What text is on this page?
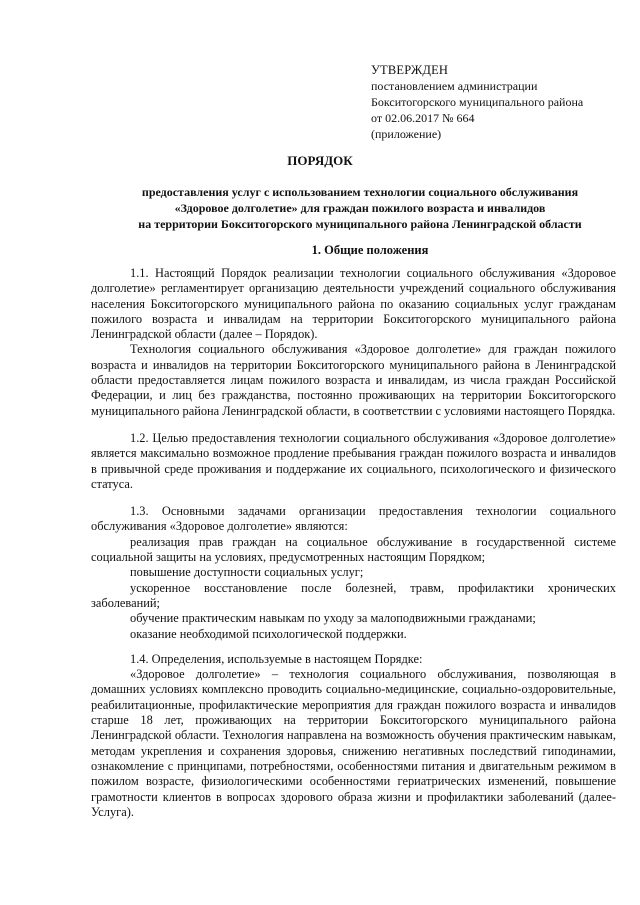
УТВЕРЖДЕН
постановлением администрации
Бокситогорского муниципального района
от 02.06.2017 № 664
(приложение)
ПОРЯДОК
предоставления услуг с использованием технологии социального обслуживания
«Здоровое долголетие» для граждан пожилого возраста и инвалидов
на территории Бокситогорского муниципального района Ленинградской области
1. Общие положения

1.1. Настоящий Порядок реализации технологии социального обслуживания «Здоровое долголетие» регламентирует организацию деятельности учреждений социального обслуживания населения Бокситогорского муниципального района по оказанию социальных услуг гражданам пожилого возраста и инвалидам на территории Бокситогорского муниципального района Ленинградской области (далее – Порядок).

Технология социального обслуживания «Здоровое долголетие» для граждан пожилого возраста и инвалидов на территории Бокситогорского муниципального района в Ленинградской области предоставляется лицам пожилого возраста и инвалидам, из числа граждан Российской Федерации, и лиц без гражданства, постоянно проживающих на территории Бокситогорского муниципального района Ленинградской области, в соответствии с условиями настоящего Порядка.

1.2. Целью предоставления технологии социального обслуживания «Здоровое долголетие» является максимально возможное продление пребывания граждан пожилого возраста и инвалидов в привычной среде проживания и поддержание их социального, психологического и физического статуса.

1.3. Основными задачами организации предоставления технологии социального обслуживания «Здоровое долголетие» являются:

реализация прав граждан на социальное обслуживание в государственной системе социальной защиты на условиях, предусмотренных настоящим Порядком;

повышение доступности социальных услуг;

ускоренное восстановление после болезней, травм, профилактики хронических заболеваний;

обучение практическим навыкам по уходу за малоподвижными гражданами;

оказание необходимой психологической поддержки.

1.4. Определения, используемые в настоящем Порядке:

«Здоровое долголетие» – технология социального обслуживания, позволяющая в домашних условиях комплексно проводить социально-медицинские, социально-оздоровительные, реабилитационные, профилактические мероприятия для граждан пожилого возраста и инвалидов старше 18 лет, проживающих на территории Бокситогорского муниципального района Ленинградской области. Технология направлена на возможность обучения практическим навыкам, методам укрепления и сохранения здоровья, снижению негативных последствий гиподинамии, ознакомление с принципами, потребностями, особенностями питания и двигательным режимом в пожилом возрасте, физиологическими особенностями гериатрических изменений, повышение грамотности клиентов в вопросах здорового образа жизни и профилактики заболеваний (далее-Услуга).
